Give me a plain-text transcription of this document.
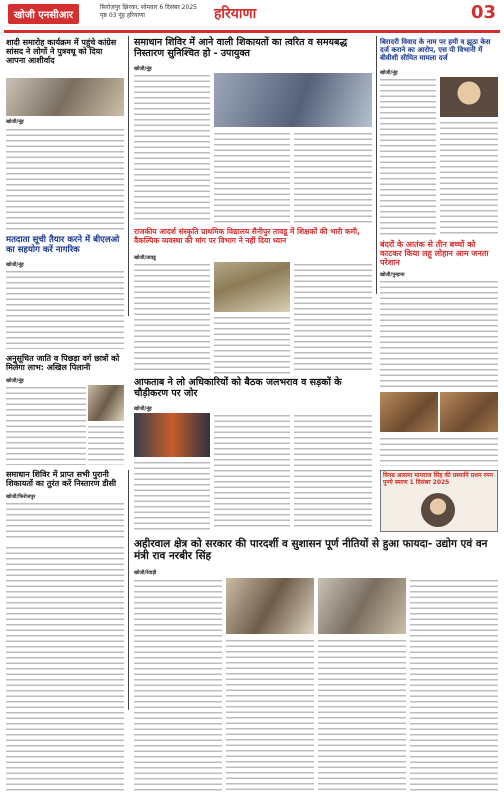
खोजी एनसीआर
फ़िरोज़पुर झिरका, सोमवार 6 दिसंबर 2025
पृष्ठ 03 नूंह हरियाणा	हरियाणा	03
शादी समारोह कार्यक्रम में पहुंचे कांग्रेस सांसद ने लोगों ने पुत्रवधू को दिया आपना आशीर्वाद
खोजी/नूंह
समाधान शिविर में आने वाली शिकायतों का त्वरित व समयबद्ध निस्तारण सुनिश्चित हो - उपायुक्त
खोजी/नूंह
बिरादरी विवाद के नाम पर हमी व झूठा केस दर्ज कराने का आरोप, एस पी विभानी में बीवीशी सीमित मामला दर्ज
खोजी/नूंह
राजकीय आदर्श संस्कृति प्राथमिक विद्यालय सैनीपुर तावडू में शिक्षकों की भारी कमी, वैकल्पिक व्यवस्था की मांग पर विभाग ने नहीं दिया ध्यान
खोजी/तावडू
मतदाता सूची तैयार करने में बीएलओ का सहयोग करें नागरिक
खोजी/नूंह
बंदरों के आतंक से तीन बच्चों को काटकर किया लहू लोहान आम जनता परेशान
खोजी/पुन्हाना
अनुसूचित जाति व पिछड़ा वर्ग छात्रों को मिलेगा लाभ: अखिल पिलानी
खोजी/नूंह	आफताब ने लो अधिकारियों को बैठक जलभराव व सड़कों के चौड़ीकरण पर जोर
खोजी/नूंह
विनम्र आसमा मामराज सिंह की प्रस्थानिं प्रथम रमन पुण्ये स्मरण 1 दिसंबर 2025
समाधान शिविर में प्राप्त सभी पुरानी शिकायतों का तुरंत करें निस्तारण डीसी
खोजी/फिरोजपुर
अहीरवाल क्षेत्र को सरकार की पारदर्शी व सुशासन पूर्ण नीतियों से हुआ फायदा- उद्योग एवं वन मंत्री राव नरबीर सिंह
खोजी/रेवाड़ी
